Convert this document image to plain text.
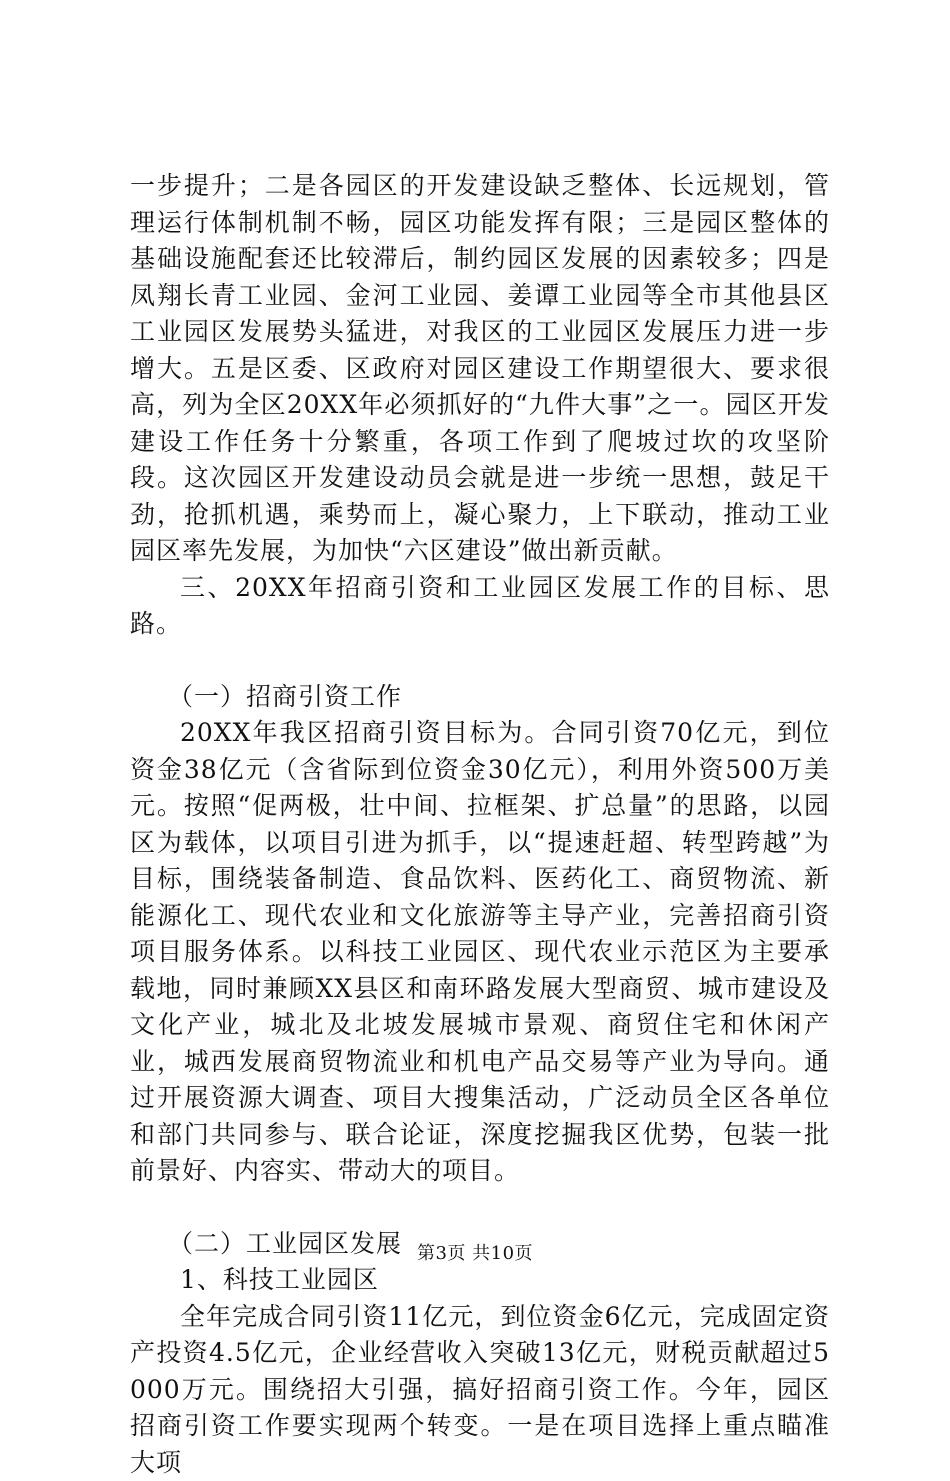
一步提升；二是各园区的开发建设缺乏整体、长远规划，管理运行体制机制不畅，园区功能发挥有限；三是园区整体的基础设施配套还比较滞后，制约园区发展的因素较多；四是凤翔长青工业园、金河工业园、姜谭工业园等全市其他县区工业园区发展势头猛进，对我区的工业园区发展压力进一步增大。五是区委、区政府对园区建设工作期望很大、要求很高，列为全区20XX年必须抓好的“九件大事”之一。园区开发建设工作任务十分繁重，各项工作到了爬坡过坎的攻坚阶段。这次园区开发建设动员会就是进一步统一思想，鼓足干劲，抢抓机遇，乘势而上，凝心聚力，上下联动，推动工业园区率先发展，为加快“六区建设”做出新贡献。

三、20XX年招商引资和工业园区发展工作的目标、思路。

（一）招商引资工作

20XX年我区招商引资目标为。合同引资70亿元，到位资金38亿元（含省际到位资金30亿元），利用外资500万美元。按照“促两极，壮中间、拉框架、扩总量”的思路，以园区为载体，以项目引进为抓手，以“提速赶超、转型跨越”为目标，围绕装备制造、食品饮料、医药化工、商贸物流、新能源化工、现代农业和文化旅游等主导产业，完善招商引资项目服务体系。以科技工业园区、现代农业示范区为主要承载地，同时兼顾XX县区和南环路发展大型商贸、城市建设及文化产业，城北及北坡发展城市景观、商贸住宅和休闲产业，城西发展商贸物流业和机电产品交易等产业为导向。通过开展资源大调查、项目大搜集活动，广泛动员全区各单位和部门共同参与、联合论证，深度挖掘我区优势，包装一批前景好、内容实、带动大的项目。

（二）工业园区发展

1、科技工业园区

全年完成合同引资11亿元，到位资金6亿元，完成固定资产投资4.5亿元，企业经营收入突破13亿元，财税贡献超过5000万元。围绕招大引强，搞好招商引资工作。今年，园区招商引资工作要实现两个转变。一是在项目选择上重点瞄准大项

第3页 共10页
